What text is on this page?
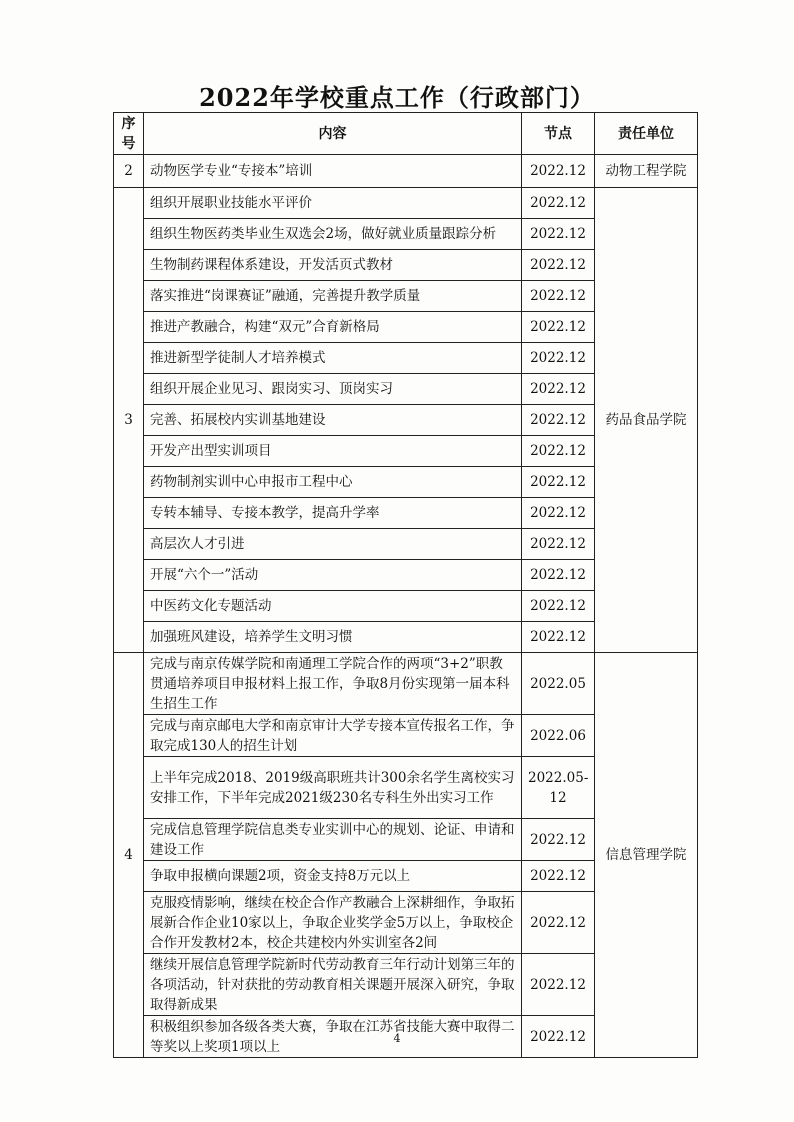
2022年学校重点工作（行政部门）
序号	内容	节点	责任单位
2	动物医学专业“专接本”培训	2022.12	动物工程学院
3	组织开展职业技能水平评价	2022.12	药品食品学院
	组织生物医药类毕业生双选会2场，做好就业质量跟踪分析	2022.12	
	生物制药课程体系建设，开发活页式教材	2022.12	
	落实推进“岗课赛证”融通，完善提升教学质量	2022.12	
	推进产教融合，构建“双元”合育新格局	2022.12	
	推进新型学徒制人才培养模式	2022.12	
	组织开展企业见习、跟岗实习、顶岗实习	2022.12	
	完善、拓展校内实训基地建设	2022.12	
	开发产出型实训项目	2022.12	
	药物制剂实训中心申报市工程中心	2022.12	
	专转本辅导、专接本教学，提高升学率	2022.12	
	高层次人才引进	2022.12	
	开展“六个一”活动	2022.12	
	中医药文化专题活动	2022.12	
	加强班风建设，培养学生文明习惯	2022.12	
4	完成与南京传媒学院和南通理工学院合作的两项“3+2”职教贯通培养项目申报材料上报工作，争取8月份实现第一届本科生招生工作	2022.05	信息管理学院
	完成与南京邮电大学和南京审计大学专接本宣传报名工作，争取完成130人的招生计划	2022.06	
	上半年完成2018、2019级高职班共计300余名学生离校实习安排工作，下半年完成2021级230名专科生外出实习工作	2022.05-12	
	完成信息管理学院信息类专业实训中心的规划、论证、申请和建设工作	2022.12	
	争取申报横向课题2项，资金支持8万元以上	2022.12	
	克服疫情影响，继续在校企合作产教融合上深耕细作，争取拓展新合作企业10家以上，争取企业奖学金5万以上，争取校企合作开发教材2本，校企共建校内外实训室各2间	2022.12	
	继续开展信息管理学院新时代劳动教育三年行动计划第三年的各项活动，针对获批的劳动教育相关课题开展深入研究，争取取得新成果	2022.12	
	积极组织参加各级各类大赛，争取在江苏省技能大赛中取得二等奖以上奖项1项以上	2022.12	
4
